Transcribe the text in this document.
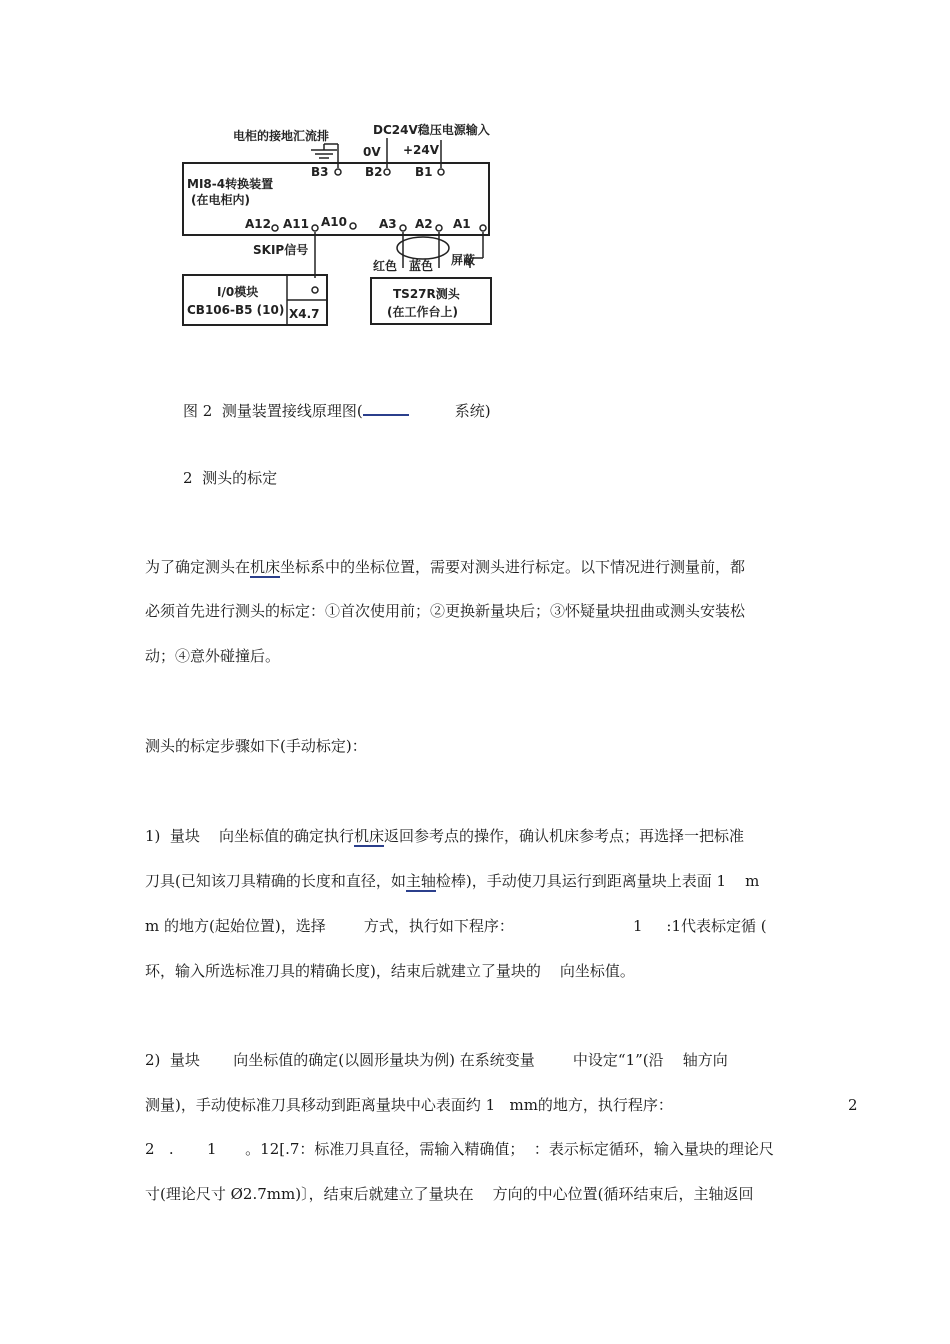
电柜的接地汇流排	DC24V稳压电源输入
0V +24V
B3	B2	B1
MI8-4转换装置
(在电柜内)
A12 A11 A10	A3 A2 A1
SKIP信号
红色 蓝色 屏蔽
I/0模块
CB106-B5 (10) X4.7
TS27R测头
(在工作台上)
图 2  测量装置接线原理图(	系统)
2  测头的标定
为了确定测头在机床坐标系中的坐标位置，需要对测头进行标定。以下情况进行测量前，都
必须首先进行测头的标定：①首次使用前；②更换新量块后；③怀疑量块扭曲或测头安装松
动；④意外碰撞后。
测头的标定步骤如下(手动标定)：
1)  量块    向坐标值的确定执行机床返回参考点的操作，确认机床参考点；再选择一把标准
刀具(已知该刀具精确的长度和直径，如主轴检棒)，手动使刀具运行到距离量块上表面 1    m
m 的地方(起始位置)，选择        方式，执行如下程序：                         1     :1代表标定循 (
环，输入所选标准刀具的精确长度)，结束后就建立了量块的    向坐标值。
2)  量块       向坐标值的确定(以圆形量块为例) 在系统变量        中设定“1”(沿    轴方向
测量)，手动使标准刀具移动到距离量块中心表面约 1   mm的地方，执行程序：	2
2   .       1      。12[.7：标准刀具直径，需输入精确值；  ：表示标定循环，输入量块的理论尺
寸(理论尺寸 Ø2.7mm)〕，结束后就建立了量块在    方向的中心位置(循环结束后，主轴返回
